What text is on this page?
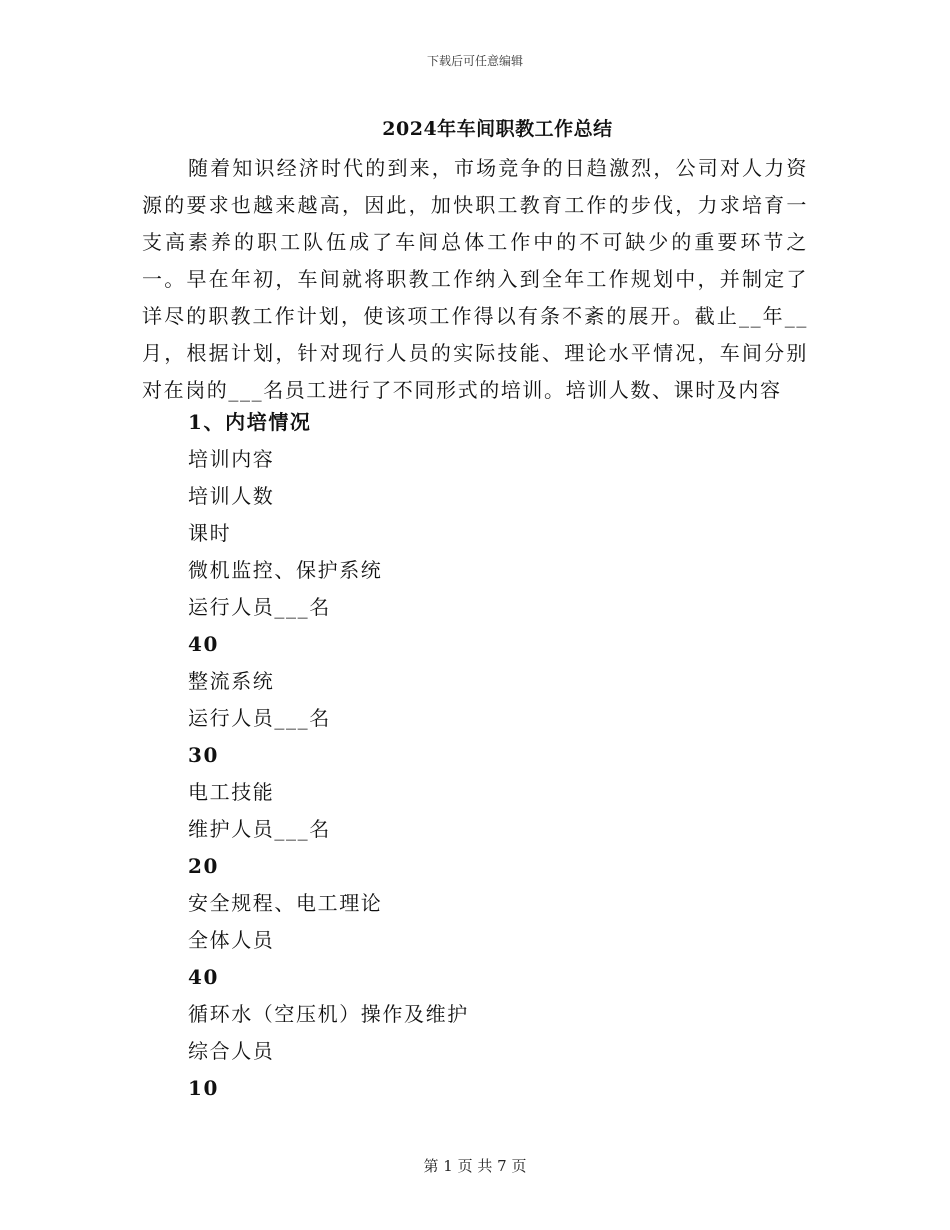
下载后可任意编辑
2024年车间职教工作总结

随着知识经济时代的到来，市场竞争的日趋激烈，公司对人力资源的要求也越来越高，因此，加快职工教育工作的步伐，力求培育一支高素养的职工队伍成了车间总体工作中的不可缺少的重要环节之一。早在年初，车间就将职教工作纳入到全年工作规划中，并制定了详尽的职教工作计划，使该项工作得以有条不紊的展开。截止__年__月，根据计划，针对现行人员的实际技能、理论水平情况，车间分别对在岗的___名员工进行了不同形式的培训。培训人数、课时及内容

1、内培情况
培训内容
培训人数
课时
微机监控、保护系统
运行人员___名
40
整流系统
运行人员___名
30
电工技能
维护人员___名
20
安全规程、电工理论
全体人员
40
循环水（空压机）操作及维护
综合人员
10
第 1 页 共 7 页
